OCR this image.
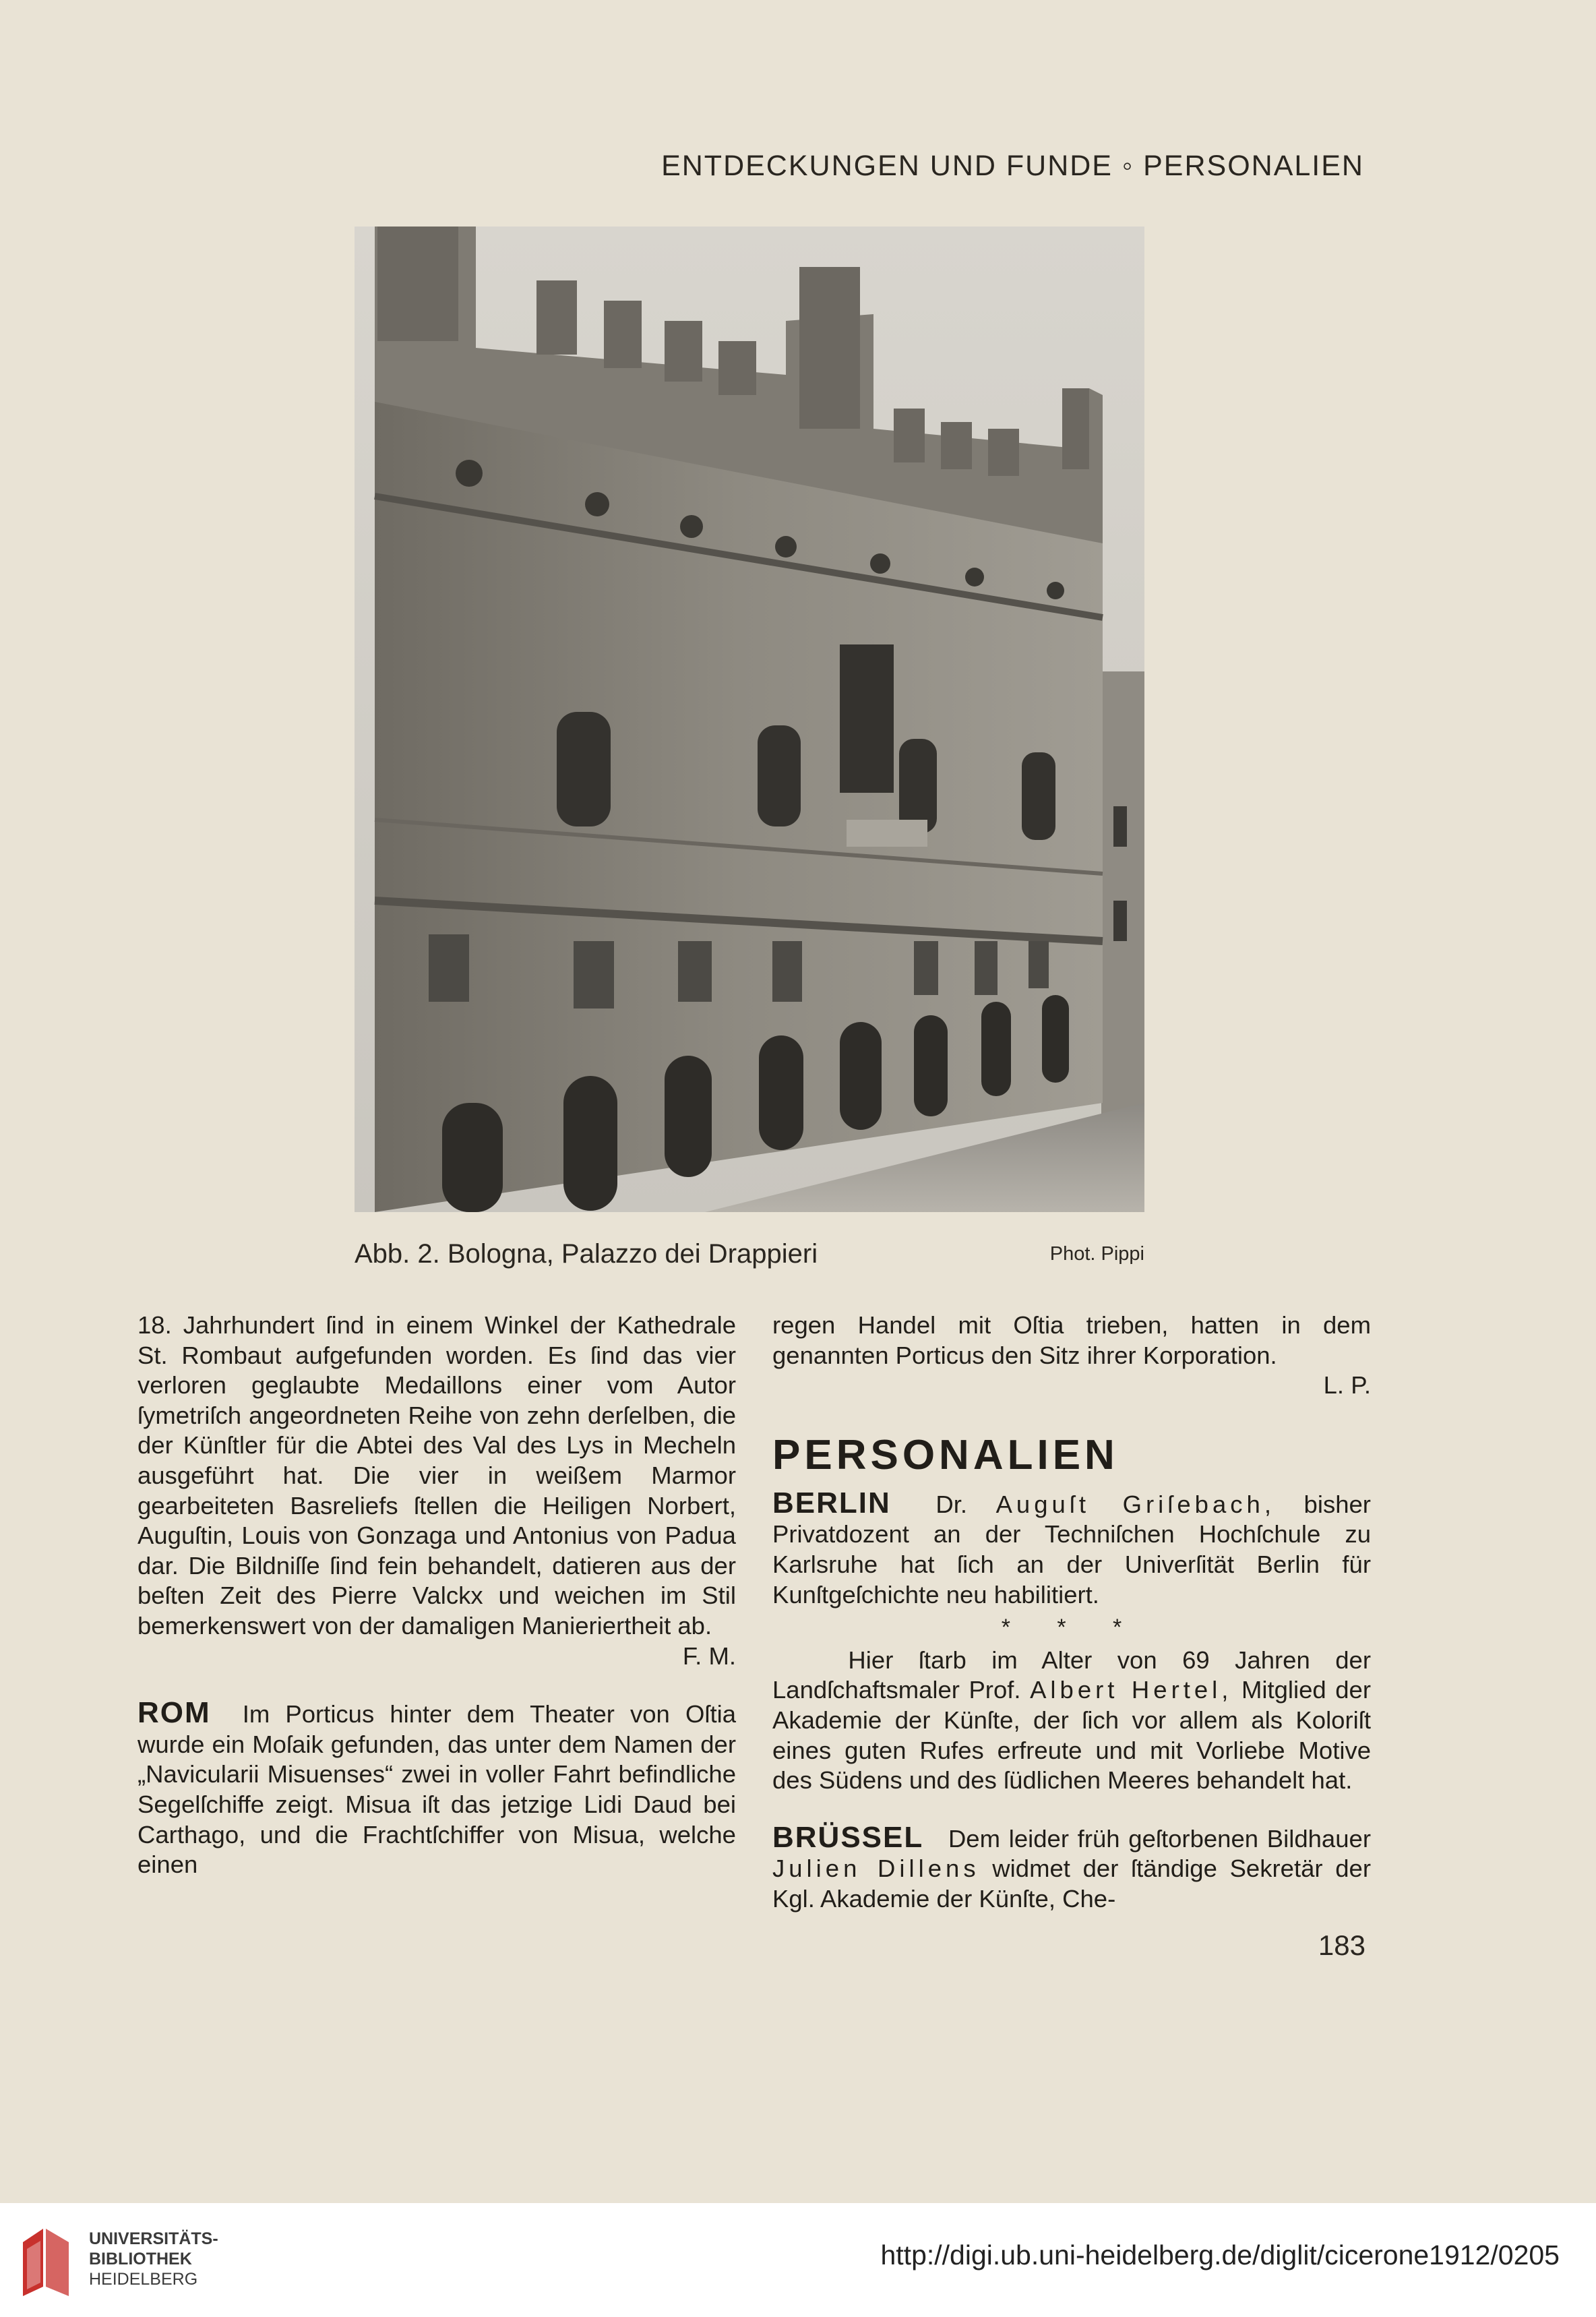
ENTDECKUNGEN UND FUNDE ◦ PERSONALIEN
Abb. 2. Bologna, Palazzo dei Drappieri	Phot. Pippi

18. Jahrhundert ſind in einem Winkel der Kathedrale St. Rombaut aufgefunden worden. Es ſind das vier verloren geglaubte Medaillons einer vom Autor ſymetriſch angeordneten Reihe von zehn derſelben, die der Künſtler für die Abtei des Val des Lys in Mecheln ausgeführt hat. Die vier in weißem Marmor gearbeiteten Basreliefs ſtellen die Heiligen Norbert, Auguſtin, Louis von Gonzaga und Antonius von Padua dar. Die Bildniſſe ſind fein behandelt, datieren aus der beſten Zeit des Pierre Valckx und weichen im Stil bemerkenswert von der damaligen Manieriertheit ab.

F. M.

ROM Im Porticus hinter dem Theater von Oſtia wurde ein Moſaik gefunden, das unter dem Namen der „Navicularii Misuenses“ zwei in voller Fahrt befindliche Segelſchiffe zeigt. Misua iſt das jetzige Lidi Daud bei Carthago, und die Frachtſchiffer von Misua, welche einen

regen Handel mit Oſtia trieben, hatten in dem genannten Porticus den Sitz ihrer Korporation.

L. P.

PERSONALIEN

BERLIN Dr. Auguſt Griſebach, bisher Privatdozent an der Techniſchen Hochſchule zu Karlsruhe hat ſich an der Univerſität Berlin für Kunſtgeſchichte neu habilitiert.

* * *

Hier ſtarb im Alter von 69 Jahren der Landſchaftsmaler Prof. Albert Hertel, Mitglied der Akademie der Künſte, der ſich vor allem als Koloriſt eines guten Rufes erfreute und mit Vorliebe Motive des Südens und des ſüdlichen Meeres behandelt hat.

BRÜSSEL Dem leider früh geſtorbenen Bildhauer Julien Dillens widmet der ſtändige Sekretär der Kgl. Akademie der Künſte, Che-

183
UNIVERSITÄTS-
BIBLIOTHEK
HEIDELBERG
http://digi.ub.uni-heidelberg.de/diglit/cicerone1912/0205
